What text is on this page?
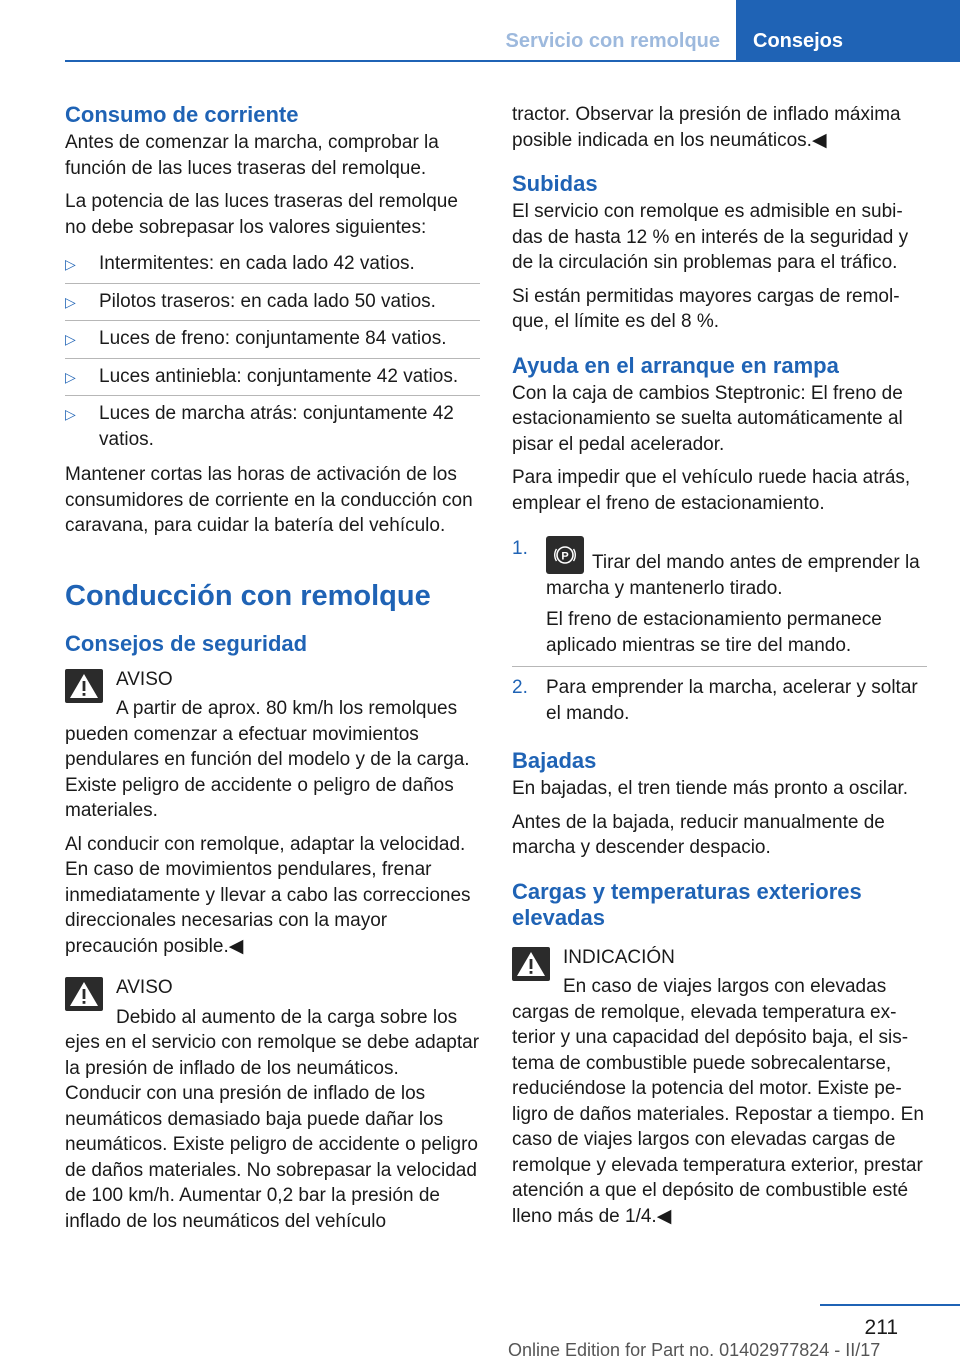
Servicio con remolque	Consejos
Consumo de corriente

Antes de comenzar la marcha, comprobar la función de las luces traseras del remolque.

La potencia de las luces traseras del remolque no debe sobrepasar los valores siguientes:

▷ Intermitentes: en cada lado 42 vatios.
▷ Pilotos traseros: en cada lado 50 vatios.
▷ Luces de freno: conjuntamente 84 vatios.
▷ Luces antiniebla: conjuntamente 42 vatios.
▷ Luces de marcha atrás: conjuntamente 42 vatios.

Mantener cortas las horas de activación de los consumidores de corriente en la conducción con caravana, para cuidar la batería del vehículo.

Conducción con remolque
Consejos de seguridad
AVISO

A partir de aprox. 80 km/h los remolques pueden comenzar a efectuar movimientos pendulares en función del modelo y de la carga. Existe peligro de accidente o peligro de daños materiales.

Al conducir con remolque, adaptar la velocidad. En caso de movimientos pendulares, frenar inmediatamente y llevar a cabo las correcciones direccionales necesarias con la mayor precaución posible.◀

AVISO

Debido al aumento de la carga sobre los ejes en el servicio con remolque se debe adaptar la presión de inflado de los neumáticos. Conducir con una presión de inflado de los neumáticos demasiado baja puede dañar los neumáticos. Existe peligro de accidente o peligro de daños materiales. No sobrepasar la velocidad de 100 km/h. Aumentar 0,2 bar la presión de inflado de los neumáticos del vehículo

tractor. Observar la presión de inflado máxima posible indicada en los neumáticos.◀

Subidas

El servicio con remolque es admisible en subidas de hasta 12 % en interés de la seguridad y de la circulación sin problemas para el tráfico.

Si están permitidas mayores cargas de remolque, el límite es del 8 %.

Ayuda en el arranque en rampa

Con la caja de cambios Steptronic: El freno de estacionamiento se suelta automáticamente al pisar el pedal acelerador.

Para impedir que el vehículo ruede hacia atrás, emplear el freno de estacionamiento.

1.	P Tirar del mando antes de emprender la marcha y mantenerlo tirado.

El freno de estacionamiento permanece aplicado mientras se tire del mando.

2. Para emprender la marcha, acelerar y soltar el mando.

Bajadas

En bajadas, el tren tiende más pronto a oscilar.

Antes de la bajada, reducir manualmente de marcha y descender despacio.

Cargas y temperaturas exteriores elevadas
INDICACIÓN

En caso de viajes largos con elevadas cargas de remolque, elevada temperatura exterior y una capacidad del depósito baja, el sistema de combustible puede sobrecalentarse, reduciéndose la potencia del motor. Existe peligro de daños materiales. Repostar a tiempo. En caso de viajes largos con elevadas cargas de remolque y elevada temperatura exterior, prestar atención a que el depósito de combustible esté lleno más de 1/4.◀

211
Online Edition for Part no. 01402977824 - II/17
